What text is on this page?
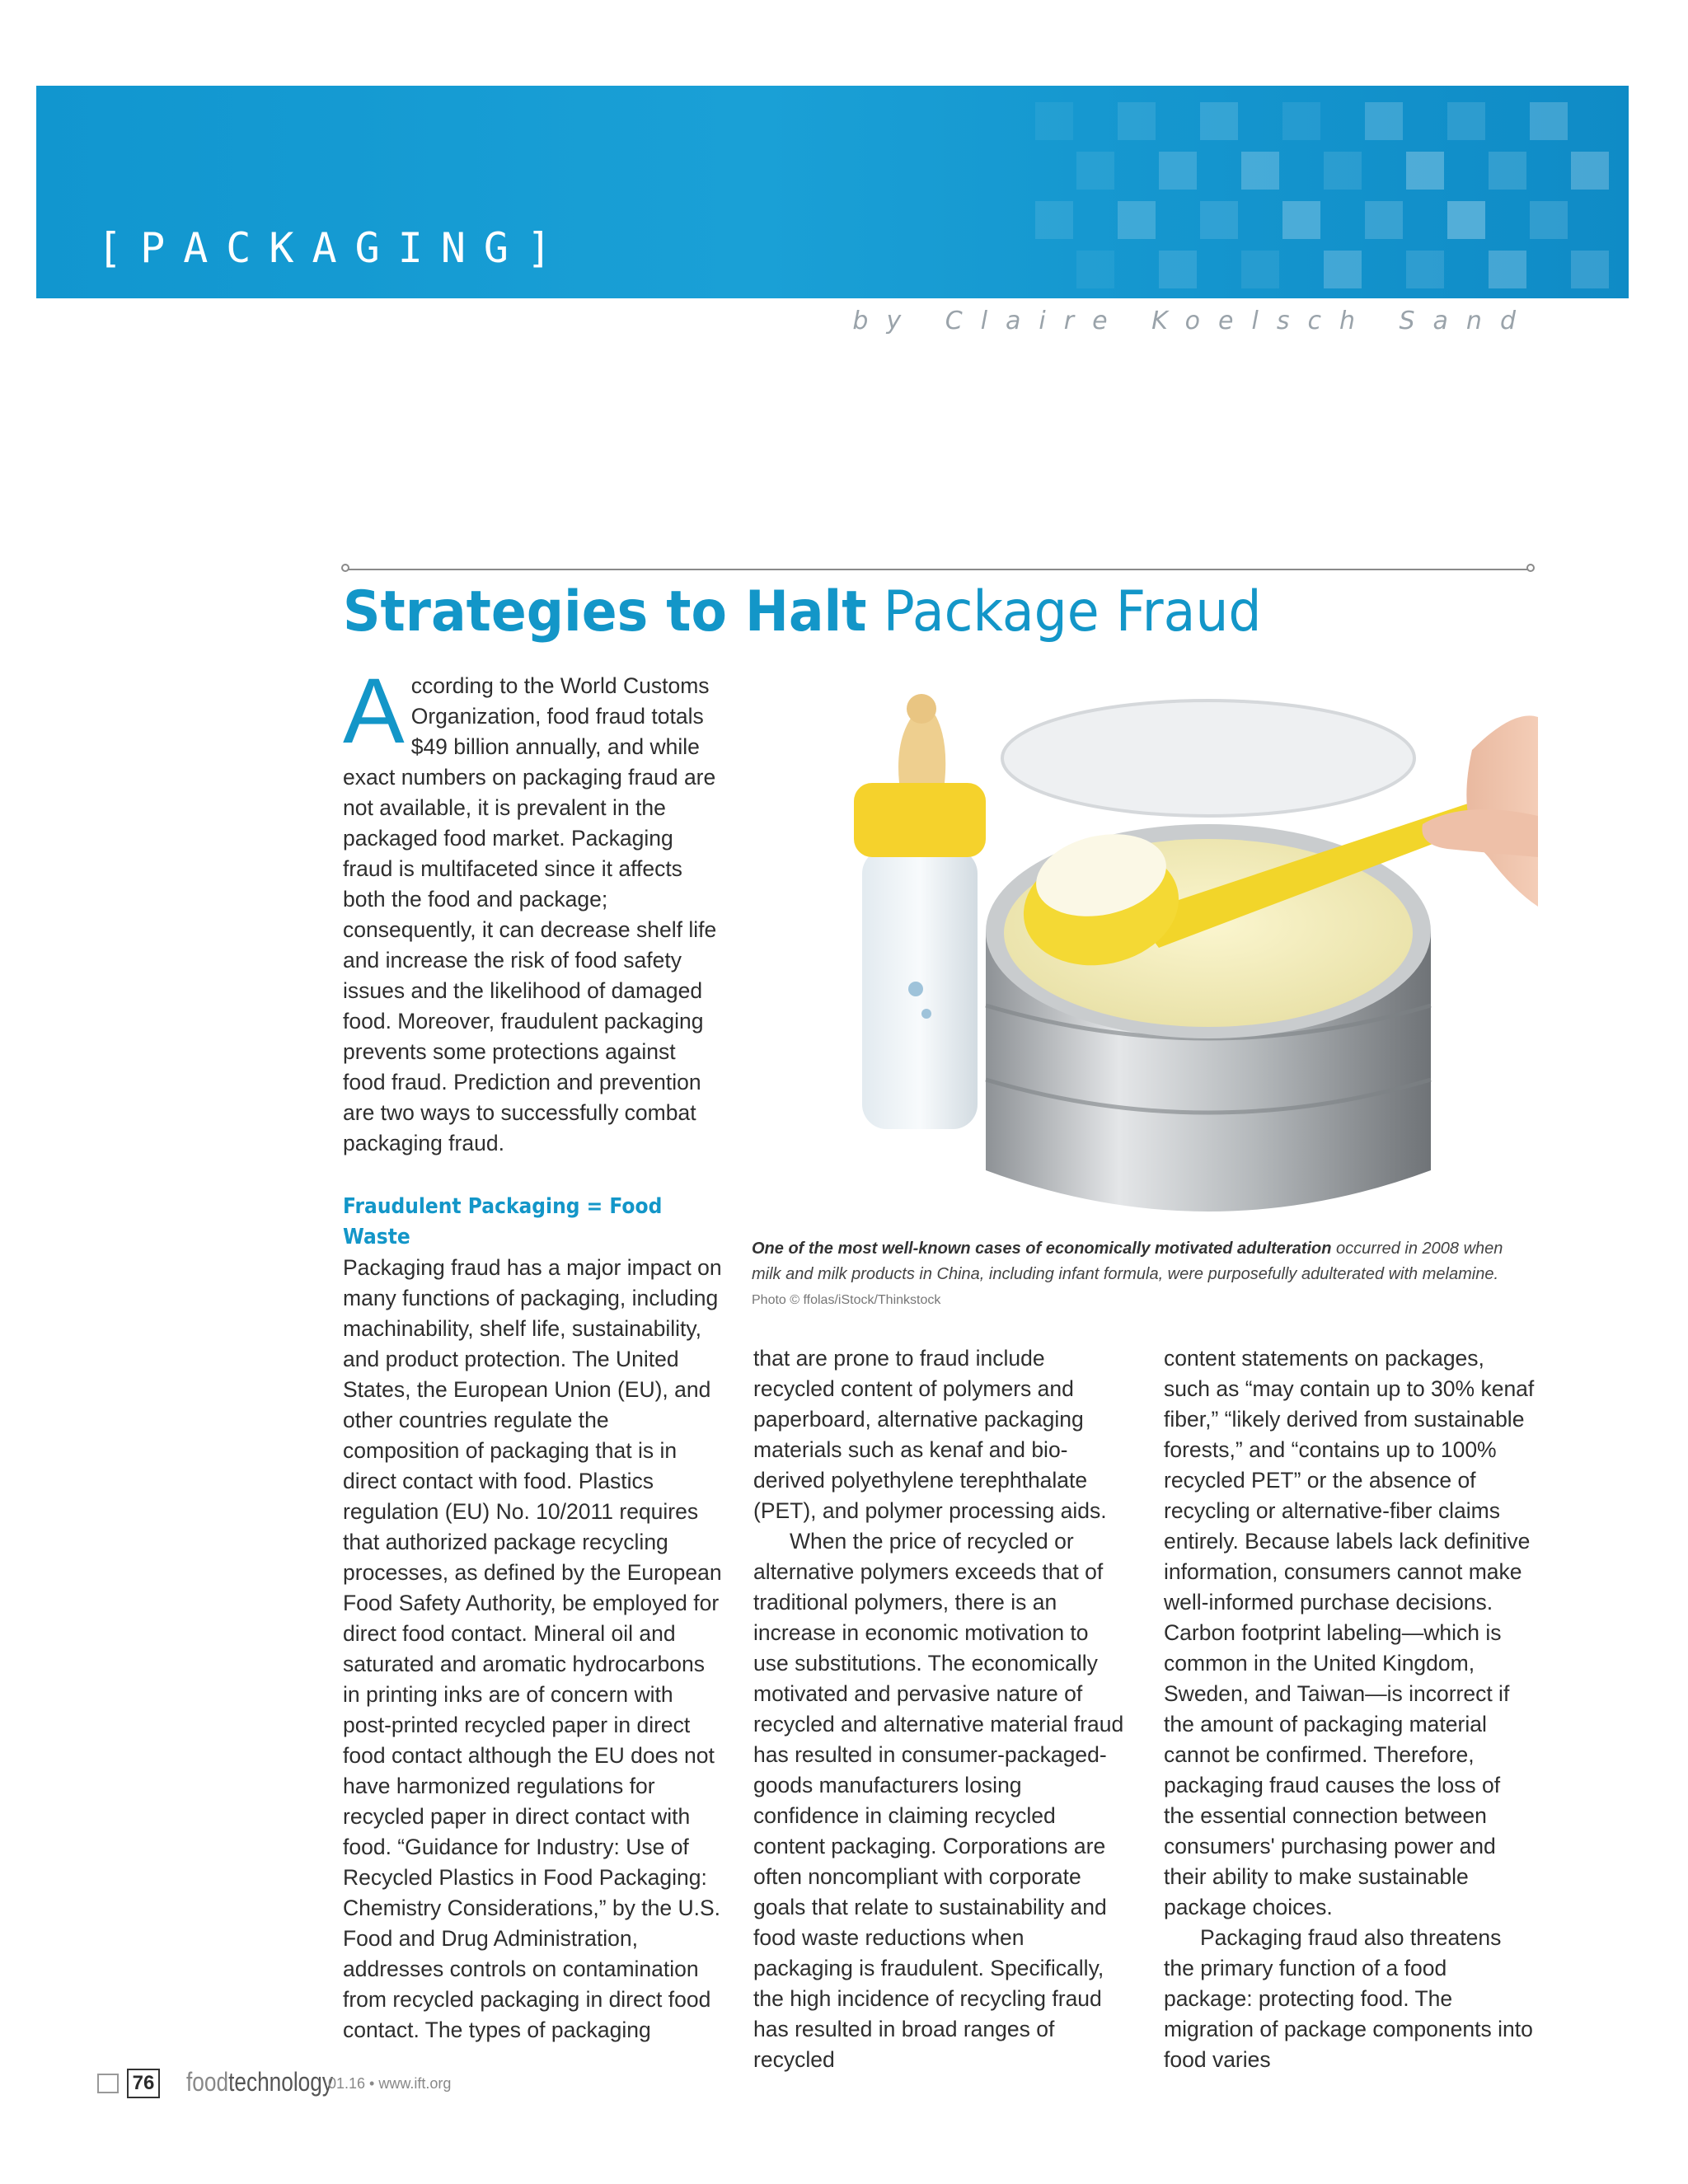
[PACKAGING]
by Claire Koelsch Sand
Strategies to Halt Package Fraud

According to the World Customs Organization, food fraud totals $49 billion annually, and while exact numbers on packaging fraud are not available, it is prevalent in the packaged food market. Packaging fraud is multifaceted since it affects both the food and package; consequently, it can decrease shelf life and increase the risk of food safety issues and the likelihood of damaged food. Moreover, fraudulent packaging prevents some protections against food fraud. Prediction and prevention are two ways to successfully combat packaging fraud.

Fraudulent Packaging = Food Waste

Packaging fraud has a major impact on many functions of packaging, including machinability, shelf life, sustainability, and product protection. The United States, the European Union (EU), and other countries regulate the composition of packaging that is in direct contact with food. Plastics regulation (EU) No. 10/2011 requires that authorized package recycling processes, as defined by the European Food Safety Authority, be employed for direct food contact. Mineral oil and saturated and aromatic hydrocarbons in printing inks are of concern with post-printed recycled paper in direct food contact although the EU does not have harmonized regulations for recycled paper in direct contact with food. “Guidance for Industry: Use of Recycled Plastics in Food Packaging: Chemistry Considerations,” by the U.S. Food and Drug Administration, addresses controls on contamination from recycled packaging in direct food contact. The types of packaging

One of the most well-known cases of economically motivated adulteration occurred in 2008 when milk and milk products in China, including infant formula, were purposefully adulterated with melamine.
Photo © ffolas/iStock/Thinkstock

that are prone to fraud include recycled content of polymers and paperboard, alternative packaging materials such as kenaf and bio-derived polyethylene terephthalate (PET), and polymer processing aids.

When the price of recycled or alternative polymers exceeds that of traditional polymers, there is an increase in economic motivation to use substitutions. The economically motivated and pervasive nature of recycled and alternative material fraud has resulted in consumer-packaged-goods manufacturers losing confidence in claiming recycled content packaging. Corporations are often noncompliant with corporate goals that relate to sustainability and food waste reductions when packaging is fraudulent. Specifically, the high incidence of recycling fraud has resulted in broad ranges of recycled

content statements on packages, such as “may contain up to 30% kenaf fiber,” “likely derived from sustainable forests,” and “contains up to 100% recycled PET” or the absence of recycling or alternative-fiber claims entirely. Because labels lack definitive information, consumers cannot make well-informed purchase decisions. Carbon footprint labeling—which is common in the United Kingdom, Sweden, and Taiwan—is incorrect if the amount of packaging material cannot be confirmed. Therefore, packaging fraud causes the loss of the essential connection between consumers' purchasing power and their ability to make sustainable package choices.

Packaging fraud also threatens the primary function of a food package: protecting food. The migration of package components into food varies

76 foodtechnology
01.16 • www.ift.org
